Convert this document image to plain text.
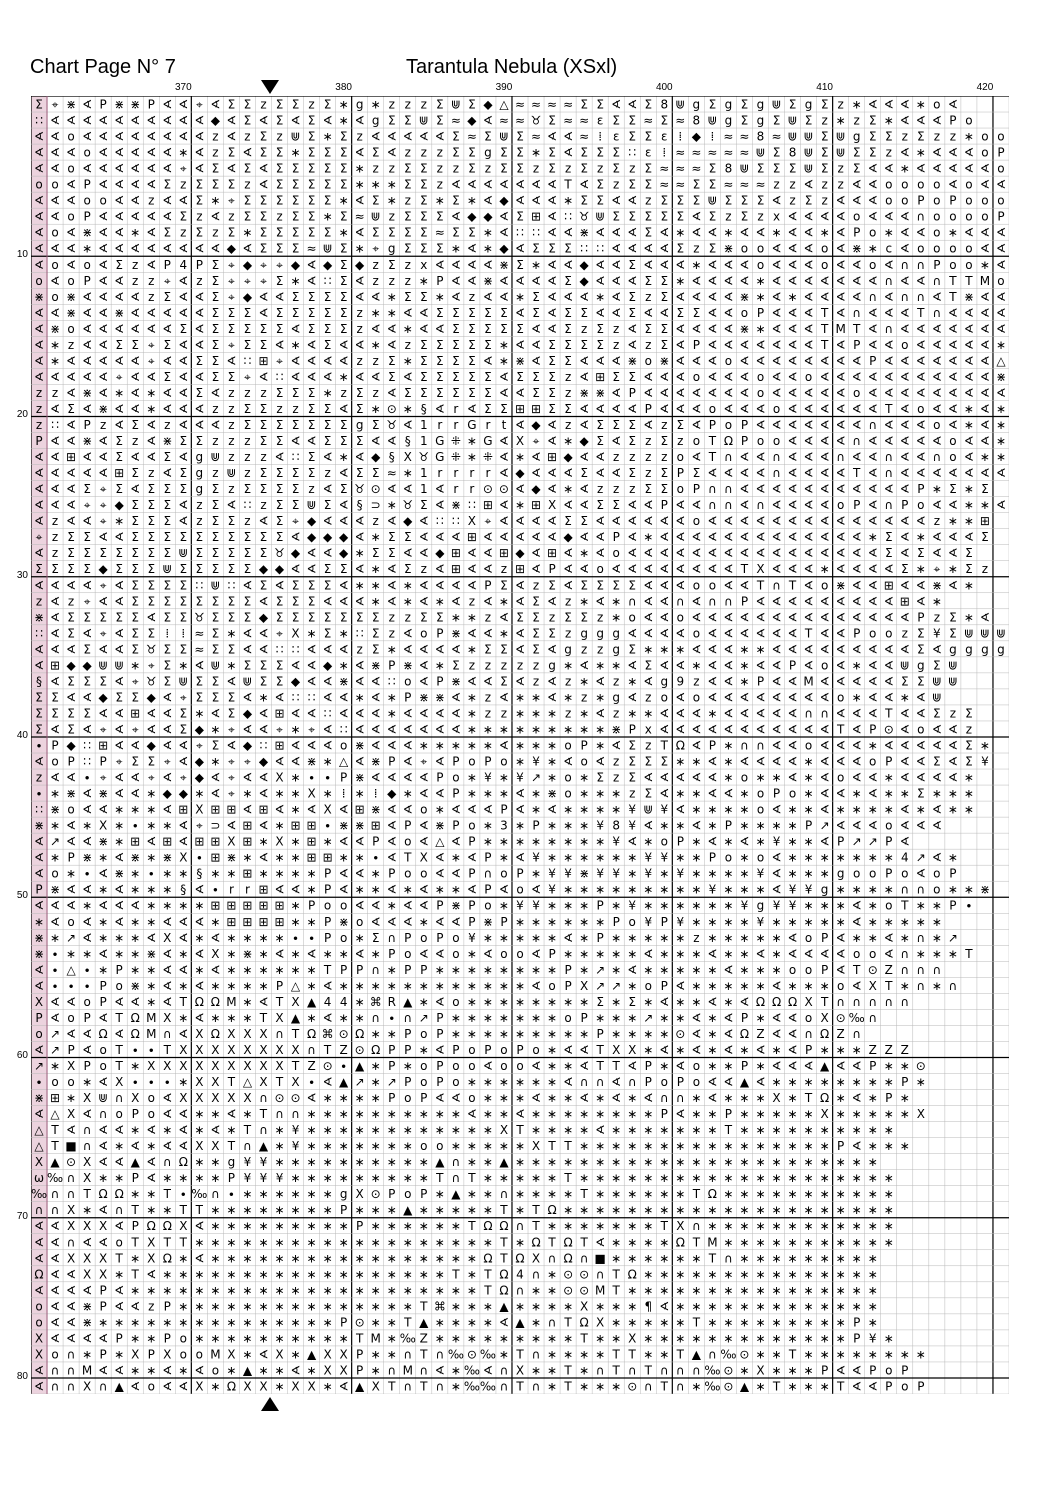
Chart Page N° 7	Tarantula Nebula (XSxl)
370	380	390	400	410	420
10
20
30
40
50
60
70
80
Σ ⌖ ⋇ ∢ P ⋇ ⋇ P ∢ ∢ ⌖ ∢ Σ Σ z Σ Σ z Σ ∗ g ∗ z z z Σ ⋓ Σ ◆ △ ≈ ≈ ≈ ≈ Σ Σ ∢ ∢ Σ 8 ⋓ g Σ g Σ g ⋓ Σ g Σ z ∗ ∢ ∢ ∢ ∗ o ∢
∷ ∢ ∢ ∢ ∢ ∢ ∢ ∢ ∢ ∢ ∢ ◆ ∢ Σ ∢ Σ ∢ Σ ∢ ∗ ∢ g Σ Σ ⋓ Σ ≈ ◆ ∢ ≈ ≈ ♉ Σ ≈ ≈ ɛ Σ Σ ≈ Σ ≈ 8 ⋓ g Σ g Σ ⋓ Σ z ∗ z Σ ∗ ∢ ∢ ∢ P o
∢ ∢ o ∢ ∢ ∢ ∢ ∢ ∢ ∢ ∢ z ∢ z Σ z ⋓ Σ ∗ Σ z ∢ ∢ ∢ ∢ ∢ Σ ≈ Σ ⋓ Σ ≈ ∢ ∢ ≈ ⁞ ɛ Σ Σ ɛ ⁞ ◆ ⁞ ≈ ≈ 8 ≈ ⋓ ⋓ Σ ⋓ g Σ Σ z Σ z z ∗ o o
∢ ∢ ∢ o ∢ ∢ ∢ ∢ ∢ ∗ ∢ z Σ ∢ Σ Σ ∗ Σ Σ Σ ∢ Σ ∢ z z z Σ Σ g Σ Σ ∗ Σ ∢ Σ Σ Σ ∷ ɛ ⁞ ≈ ≈ ≈ ≈ ≈ ⋓ Σ 8 ⋓ Σ ⋓ Σ Σ z ∢ ∗ ∢ ∢ ∢ o P
∢ ∢ o ∢ ∢ ∢ ∢ ∢ ∢ ⌖ ∢ Σ ∢ Σ ∢ Σ Σ Σ Σ Σ ∗ z z Σ Σ z z Σ z Σ Σ z Σ z Σ z Σ z Σ ≈ ≈ ≈ Σ 8 ⋓ Σ Σ Σ ⋓ Σ z Σ ∢ ∢ ∗ ∢ ∢ ∢ ∢ ∢ o
o o ∢ P ∢ ∢ ∢ ∢ Σ z Σ Σ Σ z ∢ Σ Σ Σ Σ Σ ∗ ∗ ∗ Σ Σ z ∢ ∢ ∢ ∢ ∢ ∢ ∢ T ∢ Σ z Σ Σ ≈ ≈ Σ Σ ≈ ≈ ≈ z z ∢ z z ∢ ∢ o o o o ∢ o ∢ ∢
∢ ∢ ∢ o o ∢ ∢ z ∢ ∢ Σ ∗ ⌖ Σ Σ Σ Σ Σ Σ ∗ ∢ Σ ∗ z Σ ∗ Σ ∗ ∢ ◆ ∢ ∢ ∢ ∗ Σ Σ ∢ ∢ z Σ Σ Σ ⋓ Σ Σ Σ ∢ z Σ z ∢ ∢ ∢ o o P o P o o o
∢ ∢ o P ∢ ∢ ∢ ∢ ∢ Σ z ∢ z Σ Σ z Σ Σ ∗ Σ ≈ ⋓ z Σ Σ Σ ∢ ◆ ◆ ∢ Σ ⊞ ∢ ∷ ♉ ⋓ Σ Σ Σ Σ Σ ∢ Σ z Σ z x ∢ ∢ ∢ ∢ o ∢ ∢ ∢ ∩ o o o o P
∢ o ∢ ⋇ ∢ ∢ ∗ ∢ Σ z Σ z Σ ∗ Σ Σ Σ Σ Σ ∗ ∢ Σ Σ Σ Σ ≈ Σ Σ ∗ ∢ ∷ ∷ ∢ ∢ ⋇ ∢ ∢ ∢ Σ ∢ ∗ ∢ ∢ ∗ ∢ ∢ ∗ ∢ ∢ ∗ ∢ P o ∗ ∢ ∢ o ∗ ∢ ∢ ∢
∢ ∢ ∢ ∗ ∢ ∢ ∢ ∢ ∢ ∢ ∢ ∢ ◆ ∢ Σ Σ Σ ≈ ⋓ Σ ∗ ⌖ g Σ Σ Σ ∗ ∢ ∗ ◆ ∢ Σ Σ Σ ∷ ∷ ∢ ∢ ∢ ∢ Σ z Σ ⋇ o o ∢ ∢ ∢ o ∢ ⋇ ∗ c ∢ o o o o ∢ ∢
∢ o ∢ o ∢ Σ z ∢ P 4 P Σ ⌖ ◆ ⌖ ⌖ ◆ ∢ ◆ Σ ◆ z Σ z x ∢ ∢ ∢ ∢ ⋇ Σ ∗ ∢ ∢ ◆ ∢ ∢ Σ ∢ ∢ ∢ ∗ ∢ ∢ ∢ o ∢ ∢ ∢ o ∢ ∢ o ∢ ∩ ∩ P o o ∗ ∢
o ∢ o P ∢ ∢ z z ⌖ ∢ z Σ ⌖ ⌖ ⌖ Σ ∗ ∢ ∷ Σ ∢ z z z ∗ P ∢ ∢ ⋇ ∢ ∢ ∢ ∢ Σ ◆ ∢ ∢ ∢ Σ Σ ∗ ∢ ∢ ∢ ∢ ∗ ∢ ∢ ∢ ∢ ∢ ∢ ∢ ∩ ∢ ∢ ∩ T T M o
⋇ o ⋇ ∢ ∢ ∢ ∢ z Σ ∢ ∢ Σ ⌖ ◆ ∢ ∢ Σ Σ Σ Σ ∢ ∢ ∗ Σ Σ ∗ ∢ z ∢ ∢ ∗ Σ ∢ ∢ ∢ ∗ ∢ Σ z Σ ∢ ∢ ∢ ∢ ⋇ ∗ ∢ ∗ ∢ ∢ ∢ ∢ ∩ ∢ ∩ ∩ ∢ T ⋇ ∢ ∢
∢ ∢ ⋇ ∢ ∢ ⋇ ∢ ∢ ∢ ∢ ∢ Σ Σ Σ ∢ Σ Σ Σ Σ Σ z ∗ ∗ ∢ ∢ Σ Σ Σ Σ Σ ∢ Σ ∢ Σ Σ ∢ ∢ Σ ∢ ∢ Σ Σ ∢ ∢ o P ∢ ∢ ∢ T ∢ ∩ ∢ ∢ ∢ T ∩ ∢ ∢ ∢ ∢
∢ ⋇ o ∢ ∢ ∢ ∢ ∢ ∢ Σ ∢ Σ Σ Σ Σ Σ ∢ Σ Σ Σ z ∢ ∢ ∗ ∢ ∢ Σ Σ Σ Σ Σ ∢ ∢ Σ z Σ z ∢ Σ Σ ∢ ∢ ∢ ∢ ⋇ ∗ ∢ ∢ ∢ T M T ∢ ∩ ∢ ∢ ∢ ∢ ∢ ∢ ∢
∢ ∗ z ∢ ∢ Σ Σ ⌖ Σ ∢ ∢ Σ ⌖ Σ Σ ∢ ∗ ∢ Σ ∢ ∢ ∗ ∢ z Σ Σ Σ Σ Σ ∗ ∢ ∢ Σ Σ Σ Σ z ∢ z Σ ∢ P ∢ ∢ ∢ ∢ ∢ ∢ ∢ T ∢ P ∢ ∢ o ∢ ∢ ∢ ∢ ∢ ∗
∢ ∗ ∢ ∢ ∢ ∢ ∢ ⌖ ∢ ∢ Σ Σ ∢ ∷ ⊞ ⌖ ∢ ∢ ∢ ∢ z z Σ ∗ Σ Σ Σ Σ ∢ ∗ ⋇ ∢ Σ Σ ∢ ∢ ∢ ⋇ o ⋇ ∢ ∢ ∢ o ∢ ∢ ∢ ∢ ∢ ∢ ∢ ∢ P ∢ ∢ ∢ ∢ ∢ ∢ ∢ △
∢ ∢ ∢ ∢ ∢ ⌖ ∢ ∢ Σ ∢ ∢ Σ Σ ⌖ ∢ ∷ ∢ ∢ ∢ ∗ ∢ ∢ Σ ∢ Σ Σ Σ Σ Σ ∢ Σ Σ Σ z ∢ ⊞ Σ Σ ∢ ∢ ∢ o ∢ ∢ ∢ o ∢ ∢ o ∢ ∢ ∢ ∢ ∢ ∢ ∢ ∢ ∢ ∢ ∢ ⋇
z z ∢ ⋇ ∢ ∗ ∢ ∗ ∢ ∢ Σ ∢ z z z Σ Σ Σ ∗ z Σ z ∢ Σ Σ Σ Σ Σ Σ ∢ ∢ Σ Σ z ⋇ ⋇ ∢ P ∢ ∢ ∢ ∢ ∢ ∢ ∢ o ∢ ∢ ∢ ∢ ∢ o ∢ ∢ ∢ ∢ ∢ ∢ ∢ ∢ ∢
z ∢ Σ ∢ ⋇ ∢ ∢ ∗ ∢ ∢ ∢ z z Σ Σ z z Σ Σ ∢ Σ ∗ ⊙ ∗ § ∢ r ∢ Σ Σ ⊞ ⊞ Σ Σ ∢ ∢ ∢ ∢ P ∢ ∢ ∢ o ∢ ∢ ∢ o ∢ ∢ ∢ ∢ ∢ ∢ T ∢ o ∢ ∢ ∗ ∢ ∗
z ∷ ∢ P z ∢ Σ ∢ z ∢ ∢ ∢ z Σ Σ Σ Σ Σ Σ Σ g Σ ♉ ∢ 1 r r G r t ∢ ◆ ∢ z ∢ Σ Σ Σ ∢ z Σ ∢ P o P ∢ ∢ ∢ ∢ ∢ ∢ ∢ ∩ ∢ ∢ ∢ o ∢ ∗ ∢ ∗
P ∢ ∢ ⋇ ∢ Σ z ∢ ⋇ Σ Σ z z z Σ Σ ∢ ∢ Σ Σ Σ ∢ ∢ § 1 G ⁜ ∗ G ∢ X ⌖ ∢ ∗ ◆ Σ ∢ Σ z Σ z o T Ω P o o ∢ ∢ ∢ ∢ ∩ ∢ ∢ ∢ ∢ ∢ o ∢ ∢ ∗
∢ ∢ ⊞ ∢ ∢ Σ ∢ ∢ Σ ∢ g ⋓ z z z ∢ ∷ Σ ∢ ∗ ∢ ◆ § X ♉ G ⁜ ∗ ⁜ ∢ ∗ ∢ ⊞ ◆ ∢ ∢ z z z z o ∢ T ∩ ∢ ∢ ∩ ∢ ∢ ∢ ∩ ∢ ∢ ∩ ∢ ∢ ∩ o ∢ ∗ ∗
∢ ∢ ∢ ∢ ∢ ⊞ Σ z ∢ Σ g z ⋓ z Σ Σ Σ Σ z ∢ Σ Σ ≈ ∗ 1 r r r r ∢ ◆ ∢ ∢ ∢ Σ ∢ ∢ Σ z Σ P Σ ∢ ∢ ∢ ∢ ∩ ∢ ∢ ∢ ∢ T ∢ ∩ ∢ ∢ ∢ ∢ ∢ ∢ ∢
∢ ∢ ∢ Σ ⌖ Σ ∢ Σ Σ Σ g Σ z Σ Σ Σ Σ z ∢ Σ ♉ ⊙ ∢ ∢ 1 ∢ r r ⊙ ⊙ ∢ ◆ ∢ ∗ ∢ z z z Σ Σ o P ∩ ∩ ∢ ∢ ∢ ∢ ∢ ∢ ∢ ∢ ∢ ∢ ∢ P ∗ Σ ∗ Σ
∢ ∢ ∢ ⌖ ⌖ ◆ Σ Σ Σ ∢ z Σ ∢ ∷ z Σ Σ ⋓ Σ ∢ § ⊃ ∗ ♉ Σ ∢ ⋇ ∷ ⊞ ∢ ∗ ⊞ X ∢ ∢ Σ Σ ∢ ∢ P ∢ ∢ ∩ ∩ ∢ ∩ ∢ ∢ ∢ ∢ o P ∢ ∩ P o ∢ ∢ ∗ ∗ ∢
∢ z ∢ ∢ ⌖ ∗ Σ Σ Σ ∢ z Σ Σ z ∢ Σ ⌖ ◆ ∢ ∢ ∢ z ∢ ◆ ∢ ∷ ∷ X ⌖ ∢ ∢ ∢ ∢ Σ Σ ∢ ∢ ∢ ∢ ∢ ∢ o ∢ ∢ ∢ ∢ ∢ ∢ ∢ ∢ ∢ ∢ ∢ ∢ ∢ ∢ z ∗ ∗ ⊞
⌖ z Σ Σ ∢ ∢ Σ Σ Σ Σ Σ Σ Σ Σ Σ Σ ∢ ◆ ◆ ◆ ∢ ∗ Σ Σ ∢ ∢ ∢ ⊞ ∢ ∢ ∢ ∢ ∢ ◆ ∢ ∢ P ∢ ∗ ∢ ∢ ∢ ∢ ∢ ∢ ∢ ∢ ∢ ∢ ∢ ∢ ∢ ∗ Σ ∢ ∗ ∢ ∢ ∢ Σ
∢ z Σ Σ Σ Σ Σ Σ Σ ⋓ Σ Σ Σ Σ Σ ♉ ◆ ∢ ∢ ◆ ∗ Σ Σ ∢ ∢ ◆ ⊞ ∢ ∢ ⊞ ◆ ∢ ⊞ ∢ ∗ ∢ o ∢ ∢ ∢ ∢ ∢ ∢ ∢ ∢ ∢ ∢ ∢ ∢ ∢ ∢ ∢ ∢ Σ ∢ Σ ∢ ∢ Σ
Σ Σ Σ Σ ◆ Σ Σ Σ ⋓ Σ Σ Σ Σ Σ ◆ ◆ ∢ ∢ Σ Σ ∢ ∗ ∢ Σ z ∢ ⊞ ∢ ∢ z ⊞ ∢ P ∢ ∢ o ∢ ∢ ∢ ∢ ∢ ∢ ∢ ∢ T X ∢ ∢ ∢ ∗ ∢ ∢ ∢ ∢ Σ ∗ ⌖ ∗ Σ z
∢ ∢ ∢ ∢ ⌖ ∢ Σ Σ Σ Σ ∷ ⋓ ∷ ∢ Σ ∢ Σ Σ Σ ∢ ∗ ∗ ∢ ∗ ∢ ∢ ∢ ∢ P Σ ∢ z Σ ∢ Σ Σ Σ Σ ∢ ∢ ∢ o o ∢ ∢ T ∩ T ∢ o ⋇ ∢ ∢ ⊞ ∢ ∢ ⋇ ∢ ∗
z ∢ z ⌖ ∢ ∢ Σ Σ Σ Σ Σ Σ Σ Σ ∢ Σ Σ Σ ∢ ∢ ∢ ∗ ∢ ∗ ∢ ∗ ∢ z ∢ ∗ ∢ Σ ∢ z ∗ ∢ ∗ ∩ ∢ ∢ ∩ ∢ ∩ ∩ P ∢ ∢ ∢ ∢ ∢ ∢ ∢ ∢ ∢ ⊞ ∢ ∗
⋇ ∢ Σ Σ Σ Σ Σ ∢ Σ Σ ♉ Σ Σ Σ ◆ Σ Σ Σ Σ Σ Σ Σ z z Σ Σ ∗ ∗ z ∢ Σ Σ z Σ Σ z ∗ o ∢ ∢ o ∢ ∢ ∢ ∢ ∢ ∢ ∢ ∢ ∢ ∢ ∢ ∢ ∢ ∢ P z Σ ∗ ∢
∷ ∢ Σ ∢ ⌖ ∢ Σ Σ ⁞ ⁞ ≈ Σ ∗ ∢ ∢ ⌖ X ∗ Σ ∗ ∷ Σ z ∢ o P ⋇ ∢ ∢ ∗ ∢ Σ Σ z g g g ∢ ∢ ∢ ∢ o ∢ ∢ ∢ ∢ ∢ ∢ T ∢ ∢ P o o z Σ ¥ Σ ⋓ ⋓ ⋓
∢ ∢ ∢ Σ ∢ ∢ Σ ♉ Σ Σ ≈ Σ Σ ∢ ∢ ∷ ∷ ∢ ∢ ∢ z Σ ∗ ∢ ∢ ∢ ∢ ∗ Σ Σ ∢ Σ ∢ g z z g Σ ∗ ∗ ∗ ∢ ∢ ∢ ∗ ∗ ∢ ∢ ∢ ∢ ∢ ∢ ∢ ∢ ∢ Σ ∢ g g g g
∢ ⊞ ◆ ◆ ⋓ ⋓ ∗ ⌖ Σ ∗ ∢ ⋓ ∗ Σ Σ Σ ∢ ∢ ◆ ∗ ∢ ⋇ P ⋇ ∢ ∗ Σ z z z z z g ∗ ∢ ∗ ∗ ∢ Σ ∢ ∢ ∗ ∢ ∢ ∗ ∢ ∢ P ∢ o ∢ ∗ ∢ ∢ ⋓ g Σ ⋓
§ ∢ Σ Σ Σ ∢ ⌖ ♉ Σ ⋓ Σ Σ ∢ ⋓ Σ Σ ◆ ∢ ∢ ⋇ ∢ ∢ ∷ o ∢ P ⋇ ∢ ∢ Σ ∢ z ∢ z ∗ ∢ z ∗ ∢ g 9 z ∢ ∢ ∗ P ∢ ∢ M ∢ ∢ ∢ ∢ ∢ Σ Σ ⋓ ⋓
Σ Σ ∢ ∢ ◆ Σ Σ ◆ ∢ ⌖ Σ Σ Σ ∢ ∗ ∢ ∷ ∷ ∢ ∢ ∗ ∢ ∗ P ⋇ ⋇ ∢ ∗ z ∢ ∗ ∗ ∢ ∗ z ∗ g ∢ z o ∢ o ∢ ∢ ∢ ∢ ∢ ∢ ∢ ∢ o ∗ ∢ ∢ ∗ ∢ ⋓
Σ Σ Σ Σ ∢ ∢ ⊞ ∢ ∢ Σ ∗ ∢ Σ ◆ ∢ ⊞ ∢ ∢ ∷ ∢ ∢ ∢ ∗ ∢ ∢ ∢ ∢ ∗ z z ∗ ∗ ∗ z ∗ ∢ z ∗ ∗ ∢ ∢ ∢ ∗ ∢ ∢ ∢ ∢ ∢ ∩ ∩ ∢ ∢ ∢ T ∢ ∢ Σ z Σ
Σ ∢ Σ ∢ ⌖ ∢ ⌖ ∢ ∢ Σ ◆ ∗ ⌖ ∢ ∢ ⌖ ∗ ⌖ ∢ ∷ ∢ ∢ ∢ ∢ ∢ ∢ ∢ ∗ ∗ ∗ ∗ ∗ ∗ ∗ ∗ ∗ ⋇ P x ∢ ∢ ∢ ∢ ∢ ∢ ∢ ∢ ∢ ∢ ∢ T ∢ P ⊙ ∢ o ∢ ∢ z
∙ P ◆ ∷ ⊞ ∢ ∢ ◆ ∢ ∢ ⌖ Σ ∢ ◆ ∷ ⊞ ∢ ∢ ∢ o ⋇ ∢ ∢ ∢ ∗ ∗ ∗ ∗ ∗ ∢ ∗ ∗ ∗ o P ∗ ∢ Σ z T Ω ∢ P ∗ ∩ ∩ ∢ ∢ o ∢ ∢ ∢ ∗ ∢ ∢ ∢ ∢ ∢ Σ ∗
∢ o P ∷ P ⌖ Σ Σ ⌖ ∢ ◆ ∗ ⌖ ⌖ ◆ ∢ ∢ ⋇ ∗ △ ∢ ⋇ P ∢ ⌖ ∢ P o P o ∗ ¥ ∗ ∢ o ∢ z Σ Σ Σ ∗ ∗ ∢ ∗ ∢ ∢ ∢ ∢ ∗ ∢ ∢ ∢ o P ∢ ∢ Σ ∢ Σ ¥
z ∢ ∢ ∙ ⌖ ∢ ∢ ⌖ ∢ ⌖ ◆ ∢ ⌖ ∢ ∢ X ∗ ∙ ∙ P ⋇ ∢ ∢ ∢ ∢ P o ∗ ¥ ∗ ¥ ↗ ∗ o ∗ Σ z Σ ∢ ∢ ∢ ∢ ∢ ∗ o ∗ ∗ ∢ ∗ ∢ o ∢ ∢ ∗ ∢ ∢ ∢ ∢ ∗
∙ ∗ ⋇ ∢ ⋇ ∢ ∢ ∗ ◆ ◆ ∗ ∢ ⌖ ∗ ∢ ∗ ∗ X ∗ ⁞ ∗ ⁞ ◆ ∗ ∢ ∢ P ∗ ∗ ∗ ∢ ∗ ⋇ o ∗ ∗ ∗ z Σ ∢ ∗ ∗ ∢ ∢ ∗ o P o ∗ ∢ ∢ ∗ ∢ ∗ ∗ Σ ∗ ∗ ∗
∷ ⋇ o ∢ ∢ ∗ ∗ ∗ ∢ ⊞ X ⊞ ⊞ ∢ ⊞ ∢ ∗ ∢ X ∢ ⊞ ⋇ ∢ ∢ o ∗ ∢ ∢ ∢ P ∢ ∗ ∢ ∗ ∗ ∗ ∗ ¥ ⋓ ¥ ∢ ∗ ∗ ∗ ∗ o ∢ ∗ ∗ ∢ ∗ ∗ ∗ ∗ ∢ ∗ ∢ ∗ ∗
⋇ ∗ ∢ ∗ X ∗ ∙ ∗ ∗ ∢ ⌖ ⊃ ∢ ⊞ ∢ ∗ ⊞ ⊞ ∙ ⋇ ⋇ ⊞ ∢ P ∢ ⋇ P o ∗ 3 ∗ P ∗ ∗ ∗ ¥ 8 ¥ ∢ ∗ ∗ ∢ ∗ P ∗ ∗ ∗ ∗ P ↗ ∢ ∢ ∢ o ∢ ∢ ∢
∢ ↗ ∢ ∢ ⋇ ∗ ⊞ ∢ ⊞ ∢ ⊞ ⊞ X ⊞ ∗ X ∗ ⊞ ∗ ∢ ∢ P ∢ o ∢ △ ∢ P ∗ ∗ ∗ ∗ ∗ ∗ ∗ ∗ ¥ ∢ ∗ o P ∗ ∢ ∗ ∢ ∗ ¥ ∗ ∗ ∢ P ↗ ↗ P ∢
∢ ∗ P ⋇ ∗ ∢ ⋇ ∗ ⋇ X ∙ ⊞ ⋇ ∗ ∢ ∗ ∗ ⊞ ⊞ ∗ ∗ ∙ ∢ T X ∢ ∗ ∢ P ∗ ∢ ¥ ∗ ∗ ∗ ∗ ∗ ∗ ¥ ¥ ∗ ∗ P o ∗ o ∢ ∗ ∗ ∗ ∗ ∗ ∗ ∗ 4 ↗ ∢ ∗
∢ o ∗ ∙ ∢ ⋇ ∗ ∙ ∗ ∗ § ∗ ∗ ⊞ ∗ ∗ ∗ ∗ P ∢ ∢ ∗ P o o ∢ ∢ P ∩ o P ∗ ¥ ¥ ⋇ ¥ ¥ ∗ ¥ ∗ ¥ ∗ ∗ ∗ ∗ ¥ ∢ ∗ ∗ ∗ g o o P o ∢ o P
P ⋇ ∢ ∢ ∗ ∢ ∗ ∗ ∗ § ∢ ∙ r r ⊞ ∢ ∢ ∗ P ∢ ∗ ∗ ∢ ∗ ∢ ∗ ∗ ∢ P ∢ o ∢ ¥ ∗ ∗ ∗ ∗ ∗ ∗ ∗ ∗ ∗ ¥ ∗ ∗ ∗ ∢ ¥ ¥ g ∗ ∗ ∗ ∗ ∩ ∩ o ∗ ∗ ⋇
∢ ∢ ∢ ∗ ∢ ∢ ∢ ∗ ∗ ∗ ∗ ⊞ ⊞ ⊞ ⊞ ⊞ ∗ P o o ∢ ∢ ∗ ∢ ∢ P ⋇ P o ∗ ¥ ¥ ∗ ∗ ∗ P ∗ ¥ ∗ ∗ ∗ ∗ ∗ ∗ ¥ g ¥ ¥ ∗ ∗ ∗ ∢ ∗ o T ∗ ∗ P ∙
∗ ∢ o ∢ ∗ ∢ ∗ ∗ ∢ ∢ ∢ ∗ ⊞ ⊞ ⊞ ⊞ ∗ ∗ P ⋇ o ∢ ∢ ∢ ∗ ∢ ∢ P ⋇ P ∗ ∗ ∗ ∗ ∗ ∗ P o ¥ P ¥ ∗ ∗ ∗ ∗ ¥ ∗ ∗ ∗ ∗ ∗ ∢ ∗ ∗ ∗ ∗ ∗
⋇ ∗ ↗ ∢ ∗ ∗ ∗ ∢ X ∢ ∗ ∢ ∗ ∗ ∗ ∗ ∙ ∙ P o ∗ Σ ∩ P o P o ¥ ∗ ∗ ∗ ∗ ∗ ∢ ∗ P ∗ ∗ ∗ ∗ ∗ z ∗ ∗ ∗ ∗ ∗ ∢ o P ∢ ∗ ∗ ∢ ∗ ∩ ∗ ↗
⋇ ∙ ∗ ∗ ∢ ∗ ∗ ⋇ ∢ ∗ ∢ X ∗ ⋇ ∗ ∢ ∗ ∢ ∗ ∗ ∢ ∗ P o ∢ ∢ o ∗ ∢ o o ∢ P ∗ ∗ ∗ ∗ ∗ ∢ ∗ ∗ ∗ ∢ ∗ ∗ ∢ ∗ ∢ ∢ ∢ ∢ o o ∢ ∩ ∗ ∗ ∗ T
∢ ∙ △ ∙ ∗ P ∗ ∗ ∢ ∢ ∗ ∢ ∗ ∗ ∗ ∗ ∗ ∗ T P P ∩ ∗ P P ∗ ∗ ∗ ∗ ∗ ∗ ∗ ∗ P ∗ ↗ ∗ ∢ ∗ ∗ ∗ ∗ ∗ ∢ ∗ ∗ ∗ o o P ∢ T ⊙ Z ∩ ∩ ∩
∢ ∙ ∙ ∙ P o ⋇ ∗ ∢ ∗ ∢ ∗ ∗ ∗ ∗ P △ ∗ ∢ ∗ ∗ ∗ ∗ ∗ ∗ ∗ ∗ ∗ ∗ ∗ ∗ ∢ o P X ↗ ↗ ∗ o P ∢ ∗ ∗ ∗ ∗ ∗ ∢ ∗ ∗ ∗ o ∢ X T ∗ ∩ ∗ ∩
X ∢ ∢ o P ∢ ∢ ∗ ∢ T Ω Ω M ∗ ∢ T X ▲ 4 4 ∗ ⌘ R ▲ ∗ ∢ o ∗ ∗ ∗ ∗ ∗ ∗ ∗ ∗ Σ ∗ Σ ∗ ∢ ∗ ∗ ∢ ∗ ∢ Ω Ω Ω X T ∩ ∩ ∩ ∩ ∩
P ∢ o P ∢ T Ω M X ∗ ∢ ∗ ∗ ∗ T X ▲ ∗ ∢ ∗ ∗ ∩ ∙ ∩ ↗ P ∗ ∗ ∗ ∗ ∗ ∗ ∗ o P ∗ ∗ ∗ ↗ ∗ ∗ ∢ ∗ ∢ P ∗ ∢ ∢ o X ⊙ ‰ ∩
o ↗ ∢ ∢ Ω ∢ Ω M ∩ ∢ X Ω X X X ∩ T Ω ⌘ ⊙ Ω ∗ ∗ P o P ∗ ∗ ∗ ∗ ∗ ∗ ∗ ∗ ∗ P ∗ ∗ ∗ ∗ ⊙ ∢ ∗ ∢ Ω Z ∢ ∢ ∩ Ω Z ∩
∢ ↗ P ∢ o T ∙ ∙ T X X X X X X X X ∩ T Z ⊙ Ω P P ∗ ∢ P o P o P o ∗ ∢ ∢ T X X ∗ ∢ ∗ ∢ ∗ ∢ ∗ ∢ ∗ ∢ P ∗ ∗ ∗ Z Z Z
↗ ∗ X P o T ∗ X X X X X X X X X T Z ⊙ ∙ ▲ ∗ P ∗ o P o o ∢ o o ∢ ∗ ∗ ∢ T T ∢ P ∗ ∢ o ∗ ∗ P ∗ ∢ ∢ ∢ ▲ ∢ ∢ P ∗ ∗ ⊙
∙ o o ∗ ∢ X ∙ ∙ ∙ ∗ X X T △ X T X ∙ ∢ ▲ ↗ ∗ ↗ P o P o ∗ ∗ ∗ ∗ ∗ ∗ ∢ ∩ ∩ ∢ ∩ P o P o ∢ ∢ ▲ ∢ ∗ ∗ ∗ ∗ ∗ ∗ ∗ ∗ P ∗
⋇ ⊞ ∗ X ⋓ ∩ X o ∢ X X X X X ∩ ⊙ ⊙ ∢ ∗ ∗ ∗ ∗ P o P ∢ ∢ o ∗ ∗ ∗ ∢ ∗ ∗ ∢ ∗ ∢ ∗ ∢ ∩ ∩ ∗ ∢ ∗ ∗ ∗ X ∗ T Ω ∗ ∢ ∗ P ∗
∢ △ X ∢ ∩ o P o ∢ ∢ ∗ ∗ ∢ ∗ T ∩ ∩ ∗ ∗ ∗ ∗ ∗ ∗ ∗ ∗ ∗ ∗ ∢ ∗ ∗ ∢ ∗ ∗ ∗ ∗ ∗ ∗ ∗ ∗ P ∢ ∗ ∗ P ∗ ∗ ∗ ∗ ∗ X ∗ ∗ ∗ ∗ ∗ X
△ T ∢ ∩ ∢ ∢ ∗ ∢ ∗ ∢ ∗ ∢ ∗ T ∩ ∗ ¥ ∗ ∗ ∗ ∗ ∗ ∗ ∗ ∗ ∗ ∗ ∗ ∗ X T ∗ ∗ ∗ ∗ ∢ ∗ ∗ ∗ ∗ ∗ ∗ ∗ T ∗ ∗ ∗ ∗ ∗ ∗ ∗ ∗ ∗ ∗
△ T ■ ∩ ∢ ∗ ∢ ∗ ∢ ∢ X X T ∩ ▲ ∗ ¥ ∗ ∗ ∗ ∗ ∗ ∗ ∗ o o ∗ ∗ ∗ ∗ ∗ X T T ∗ ∗ ∗ ∗ ∗ ∗ ∗ ∗ ∗ ∗ ∗ ∗ ∗ ∗ ∗ ∗ P ∢ ∗ ∗ ∗
X ▲ ⊙ X ∢ ∢ ▲ ∢ ∩ Ω ∗ ∗ g ¥ ¥ ∗ ∗ ∗ ∗ ∗ ∗ ∗ ∗ ∗ ∗ ▲ ∩ ∗ ∗ ▲ ∗ ∗ ∗ ∗ ∗ ∗ ∗ ∗ ∗ ∗ ∗ ∗ ∗ ∗ ∗ ∗ ∗ ∗ ∗ ∗ ∗ ∗ ∗
ω ‰ ∩ X ∗ ∗ P ∢ ∗ ∗ ∗ ∗ P ¥ ¥ ¥ ∗ ∗ ∗ ∗ ∗ ∗ ∗ ∗ ∗ T ∩ T ∗ ∗ ∗ ∗ ∗ T ∗ ∗ ∗ ∗ ∗ ∗ ∗ ∗ ∗ ∗ ∗ ∗ ∗ ∗ ∗ ∗ ∗ ∗ ∗ ∗
‰ ∩ ∩ T Ω Ω ∗ ∗ T ∙ ‰ ∩ ∙ ∗ ∗ ∗ ∗ ∗ ∗ g X ⊙ P o P ∗ ▲ ∗ ∗ ∩ ∗ ∗ ∗ ∗ T ∗ ∗ ∗ ∗ ∗ ∗ T Ω ∗ ∗ ∗ ∗ ∗ ∗ ∗ ∗ ∗ ∗ ∗
∩ ∩ X ∗ ∢ ∩ T ∗ ∗ T T ∗ ∗ ∗ ∗ ∗ ∗ ∗ ∗ P ∗ ∗ ∗ ▲ ∗ ∗ ∗ ∗ ∗ T ∗ T Ω ∗ ∗ ∗ ∗ ∗ ∗ ∗ ∗ ∗ ∗ ∗ ∗ ∗ ∗ ∗ ∗ ∗ ∗ ∗ ∗ ∗
∢ ∢ X X X ∢ P Ω Ω X ∢ ∗ ∗ ∗ ∗ ∗ ∗ ∗ ∗ ∗ P ∗ ∗ ∗ ∗ ∗ ∗ T Ω Ω ∩ T ∗ ∗ ∗ ∗ ∗ ∗ ∗ T X ∩ ∗ ∗ ∗ ∗ ∗ ∗ ∗ ∗ ∗ ∗ ∗ ∗
∢ ∢ ∩ ∢ ∢ o T X T T ∗ ∗ ∗ ∗ ∗ ∗ ∗ ∗ ∗ ∗ ∗ ∗ ∗ ∗ ∗ ∗ ∗ ∗ ∗ T ∗ Ω T Ω T ∢ ∗ ∗ ∗ ∗ Ω T M ∗ ∗ ∗ ∗ ∗ ∗ ∗ ∗ ∗ ∗ ∗
∢ ∢ X X X T ∗ X Ω ∗ ∢ ∗ ∗ ∗ ∗ ∗ ∗ ∗ ∗ ∗ ∗ ∗ ∗ ∗ ∗ ∗ ∗ ∗ Ω T Ω X ∩ Ω ∩ ■ ∗ ∗ ∗ ∗ ∗ ∗ T ∩ ∗ ∗ ∗ ∗ ∗ ∗ ∗ ∗ ∗
Ω ∢ ∢ X X ∗ T ∢ ∗ ∗ ∗ ∗ ∗ ∗ ∗ ∗ ∗ ∗ ∗ ∗ ∗ ∗ ∗ ∗ ∗ ∗ T ∗ T Ω 4 ∩ ∗ ⊙ ⊙ ∩ T Ω ∗ ∗ ∗ ∗ ∗ ∗ ∗ ∗ ∗ ∗ ∗ ∗ ∗ ∗ ∗
∢ ∢ ∢ ∢ P ∢ ∗ ∗ ∗ ∗ ∗ ∗ ∗ ∗ ∗ ∗ ∗ ∗ ∗ ∗ ∗ ∗ ∗ ∗ ∗ ∗ ∗ ∗ T Ω ∩ ∗ ∗ ⊙ ⊙ M T ∗ ∗ ∗ ∗ ∗ ∗ ∗ ∗ ∗ ∗ ∗ ∗ ∗ ∗ ∗ ∗
o ∢ ∢ ⋇ P ∢ ∢ z P ∗ ∗ ∗ ∗ ∗ ∗ ∗ ∗ ∗ ∗ ∗ ∗ ∗ ∗ ∗ T ⌘ ∗ ∗ ∗ ▲ ∗ ∗ ∗ ∗ X ∗ ∗ ∗ ¶ ∢ ∗ ∗ ∗ ∗ ∗ ∗ ∗ ∗ ∗ ∗ ∗ ∗ ∗
o ∢ ∢ ⋇ ∗ ∗ ∗ ∗ ∗ ∗ ∗ ∗ ∗ ∗ ∗ ∗ ∗ ∗ ∗ P ⊙ ∗ ∗ T ▲ ∗ ∗ ∗ ∗ ∢ ▲ ∗ ∩ T Ω X ∗ ∗ ∗ ∗ ∗ T ∗ ∗ ∗ ∗ ∗ ∗ ∗ ∗ ∗ P ∗
X ∢ ∢ ∢ ∢ P ∗ ∗ P o ∗ ∗ ∗ ∗ ∗ ∗ ∗ ∗ ∗ ∗ T M ∗ ‰ Z ∗ ∗ ∗ ∗ ∗ ∗ ∗ ∗ ∗ T ∗ ∗ X ∗ ∗ ∗ ∗ ∗ ∗ ∗ ∗ ∗ ∗ ∗ ∗ ∗ P ¥ ∗
X o ∩ ∗ P ∗ X P X o o M X ∗ ∢ X ∗ ▲ X X P ∗ ∗ ∩ T ∩ ‰ ⊙ ‰ ∗ T ∩ ∗ ∗ ∗ ∗ T T ∗ ∗ T ▲ ∩ ‰ ⊙ ∗ ∗ T ∗ ∗ ∗ ∗ ∗ ∗ ∗ ∗
∢ ∩ ∩ M ∢ ∢ ∗ ∗ ∢ ∗ ∢ o ∗ ▲ ∗ ∗ ∢ ∗ X X P ∗ ∩ M ∩ ∢ ∗ ‰ ∢ ∩ X ∗ ∗ T ∗ ∩ T ∩ T ∩ ∩ ∩ ‰ ⊙ ∗ X ∗ ∗ ∗ P ∢ ∢ P o P
∢ ∩ ∩ X ∩ ▲ ∢ o ∢ ∢ X ∗ Ω X X ∗ X X ∗ ∢ ▲ X T ∩ T ∩ ∗ ‰ ‰ ∩ T ∩ ∗ T ∗ ∗ ∗ ⊙ ∩ T ∩ ∗ ‰ ⊙ ▲ ∗ T ∗ ∗ ∗ T ∢ ∢ P o P
